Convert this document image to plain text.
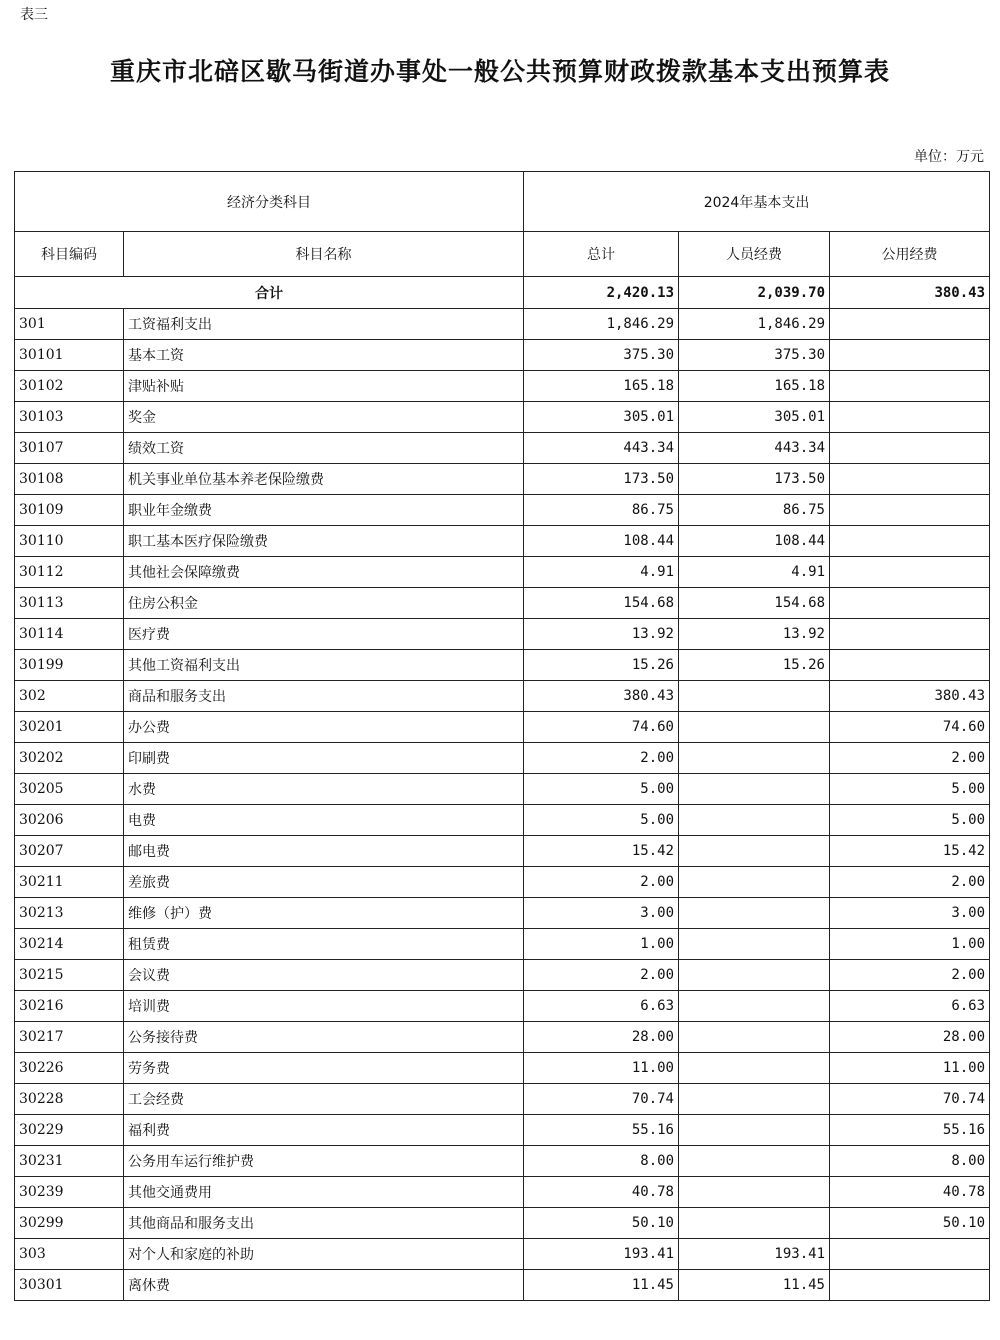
表三
重庆市北碚区歇马街道办事处一般公共预算财政拨款基本支出预算表
单位：万元
经济分类科目		2024年基本支出		
科目编码	科目名称	总计	人员经费	公用经费
合计		2,420.13	2,039.70	380.43
301	工资福利支出	1,846.29	1,846.29	
30101	基本工资	375.30	375.30	
30102	津贴补贴	165.18	165.18	
30103	奖金	305.01	305.01	
30107	绩效工资	443.34	443.34	
30108	机关事业单位基本养老保险缴费	173.50	173.50	
30109	职业年金缴费	86.75	86.75	
30110	职工基本医疗保险缴费	108.44	108.44	
30112	其他社会保障缴费	4.91	4.91	
30113	住房公积金	154.68	154.68	
30114	医疗费	13.92	13.92	
30199	其他工资福利支出	15.26	15.26	
302	商品和服务支出	380.43		380.43
30201	办公费	74.60		74.60
30202	印刷费	2.00		2.00
30205	水费	5.00		5.00
30206	电费	5.00		5.00
30207	邮电费	15.42		15.42
30211	差旅费	2.00		2.00
30213	维修（护）费	3.00		3.00
30214	租赁费	1.00		1.00
30215	会议费	2.00		2.00
30216	培训费	6.63		6.63
30217	公务接待费	28.00		28.00
30226	劳务费	11.00		11.00
30228	工会经费	70.74		70.74
30229	福利费	55.16		55.16
30231	公务用车运行维护费	8.00		8.00
30239	其他交通费用	40.78		40.78
30299	其他商品和服务支出	50.10		50.10
303	对个人和家庭的补助	193.41	193.41	
30301	离休费	11.45	11.45	
